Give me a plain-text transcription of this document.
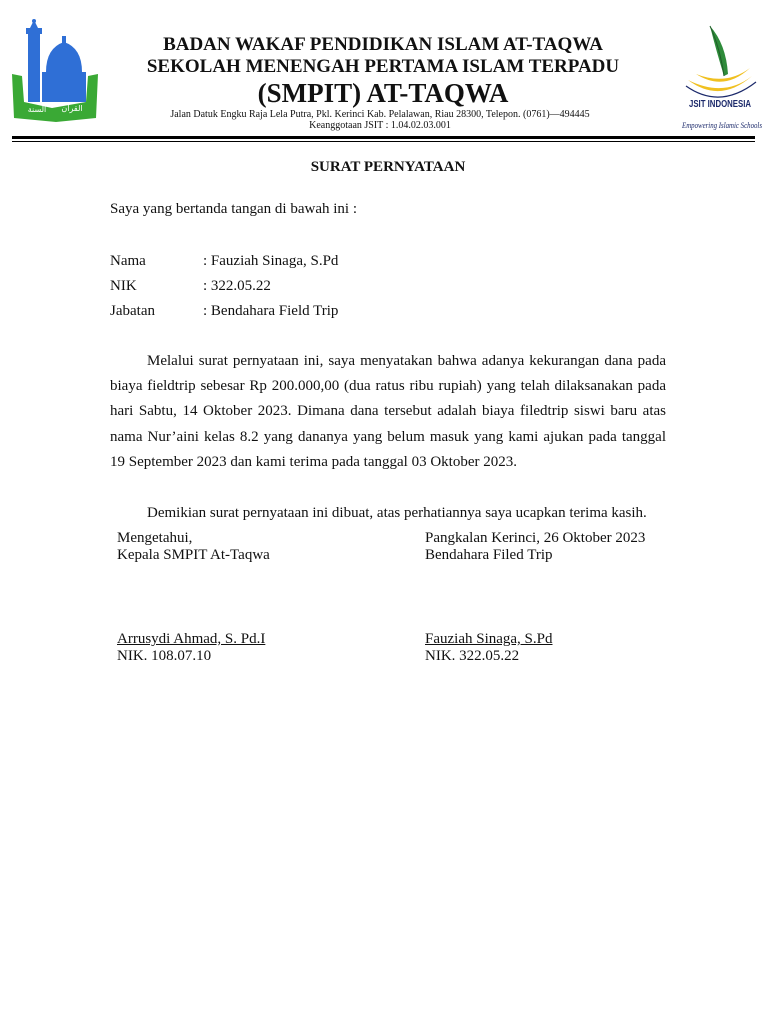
السنة القرآن
BADAN WAKAF PENDIDIKAN ISLAM AT-TAQWA
SEKOLAH MENENGAH PERTAMA ISLAM TERPADU
(SMPIT) AT-TAQWA
Jalan Datuk Engku Raja Lela Putra, Pkl. Kerinci Kab. Pelalawan, Riau 28300, Telepon. (0761)—494445
Keanggotaan JSIT : 1.04.02.03.001
JSIT INDONESIA
Empowering Islamic Schools
SURAT PERNYATAAN
Saya yang bertanda tangan di bawah ini :
Nama	: Fauziah Sinaga, S.Pd
NIK	: 322.05.22
Jabatan	: Bendahara Field Trip
Melalui surat pernyataan ini, saya menyatakan bahwa adanya kekurangan dana pada biaya fieldtrip sebesar Rp 200.000,00 (dua ratus ribu rupiah) yang telah dilaksanakan pada hari Sabtu, 14 Oktober 2023. Dimana dana tersebut adalah biaya filedtrip siswi baru atas nama Nur’aini kelas 8.2 yang dananya yang belum masuk yang kami ajukan pada tanggal 19 September 2023 dan kami terima pada tanggal 03 Oktober 2023.
Demikian surat pernyataan ini dibuat, atas perhatiannya saya ucapkan terima kasih.
Mengetahui,
Kepala SMPIT At-Taqwa
Pangkalan Kerinci, 26 Oktober 2023
Bendahara Filed Trip
Arrusydi Ahmad, S. Pd.I
NIK. 108.07.10
Fauziah Sinaga, S.Pd
NIK. 322.05.22
